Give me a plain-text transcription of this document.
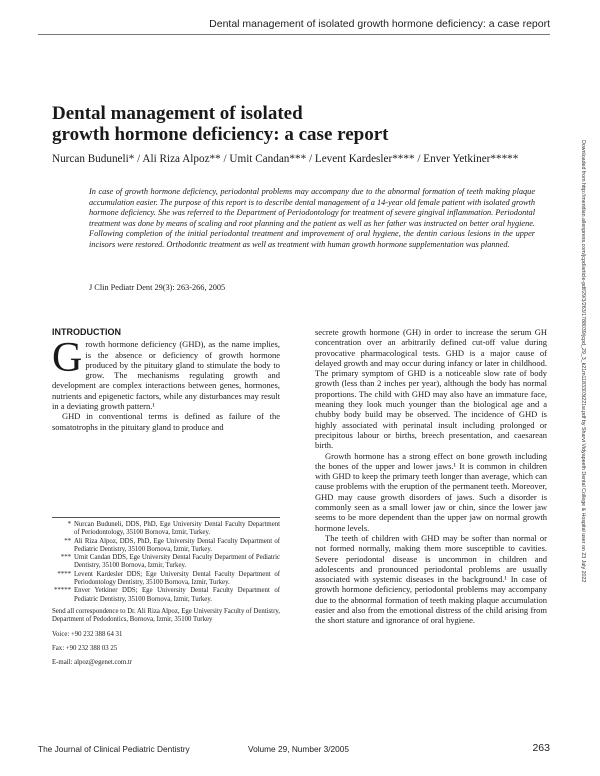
Dental management of isolated growth hormone deficiency: a case report
Downloaded from http://meridian.allenpress.com/jcpd/article-pdf/29/3/263/1788039/jcpd_29_3_k21m1183303t221w.pdf by Sharvi Vidyapeeth Dental College & Hospital user on 23 July 2022
Dental management of isolated
growth hormone deficiency: a case report
Nurcan Buduneli* / Ali Riza Alpoz** / Umit Candan*** / Levent Kardesler**** / Enver Yetkiner*****
In case of growth hormone deficiency, periodontal problems may accompany due to the abnormal formation of teeth making plaque accumulation easier. The purpose of this report is to describe dental management of a 14-year old female patient with isolated growth hormone deficiency. She was referred to the Department of Periodontology for treatment of severe gingival inflammation. Periodontal treatment was done by means of scaling and root planning and the patient as well as her father was instructed on better oral hygiene. Following completion of the initial periodontal treatment and improvement of oral hygiene, the dentin carious lesions in the upper incisors were restored. Orthodontic treatment as well as treatment with human growth hormone supplementation was planned.
J Clin Pediatr Dent 29(3): 263-266, 2005
INTRODUCTION

Growth hormone deficiency (GHD), as the name implies, is the absence or deficiency of growth hormone produced by the pituitary gland to stimulate the body to grow. The mechanisms regulating growth and development are complex interactions between genes, hormones, nutrients and epigenetic factors, while any disturbances may result in a deviating growth pattern.¹

GHD in conventional terms is defined as failure of the somatotrophs in the pituitary gland to produce and

secrete growth hormone (GH) in order to increase the serum GH concentration over an arbitrarily defined cut-off value during provocative pharmacological tests. GHD is a major cause of delayed growth and may occur during infancy or later in childhood. The primary symptom of GHD is a noticeable slow rate of body growth (less than 2 inches per year), although the body has normal proportions. The child with GHD may also have an immature face, meaning they look much younger than the biological age and a chubby body build may be observed. The incidence of GHD is highly associated with perinatal insult including prolonged or precipitous labour or births, breech presentation, and caesarean birth.

Growth hormone has a strong effect on bone growth including the bones of the upper and lower jaws.¹ It is common in children with GHD to keep the primary teeth longer than average, which can cause problems with the eruption of the permanent teeth. Moreover, GHD may cause growth disorders of jaws. Such a disorder is commonly seen as a small lower jaw or chin, since the lower jaw seems to be more dependent than the upper jaw on normal growth hormone levels.

The teeth of children with GHD may be softer than normal or not formed normally, making them more susceptible to cavities. Severe periodontal disease is uncommon in children and adolescents and pronounced periodontal problems are usually associated with systemic diseases in the background.¹ In case of growth hormone deficiency, periodontal problems may accompany due to the abnormal formation of teeth making plaque accumulation easier and also from the emotional distress of the child arising from the short stature and ignorance of oral hygiene.

* Nurcan Buduneli, DDS, PhD, Ege University Dental Faculty Department of Periodontology, 35100 Bornova, Izmir, Turkey.
** Ali Riza Alpoz, DDS, PhD, Ege University Dental Faculty Department of Pediatric Dentistry, 35100 Bornova, Izmir, Turkey.
*** Umit Candan DDS, Ege University Dental Faculty Department of Pediatric Dentistry, 35100 Bornova, Izmir, Turkey.
**** Levent Kardesler DDS; Ege University Dental Faculty Department of Periodontology Dentistry, 35100 Bornova, Izmir, Turkey.
***** Enver Yetkiner DDS; Ege University Dental Faculty Department of Pediatric Dentistry, 35100 Bornova, Izmir, Turkey.
Send all correspondence to Dr. Ali Riza Alpoz, Ege University Faculty of Dentistry, Department of Pedodontics, Bornova, Izmir, 35100 Turkey
Voice: +90 232 388 64 31
Fax: +90 232 388 03 25
E-mail: alpoz@egenet.com.tr
The Journal of Clinical Pediatric Dentistry	Volume 29, Number 3/2005	263
